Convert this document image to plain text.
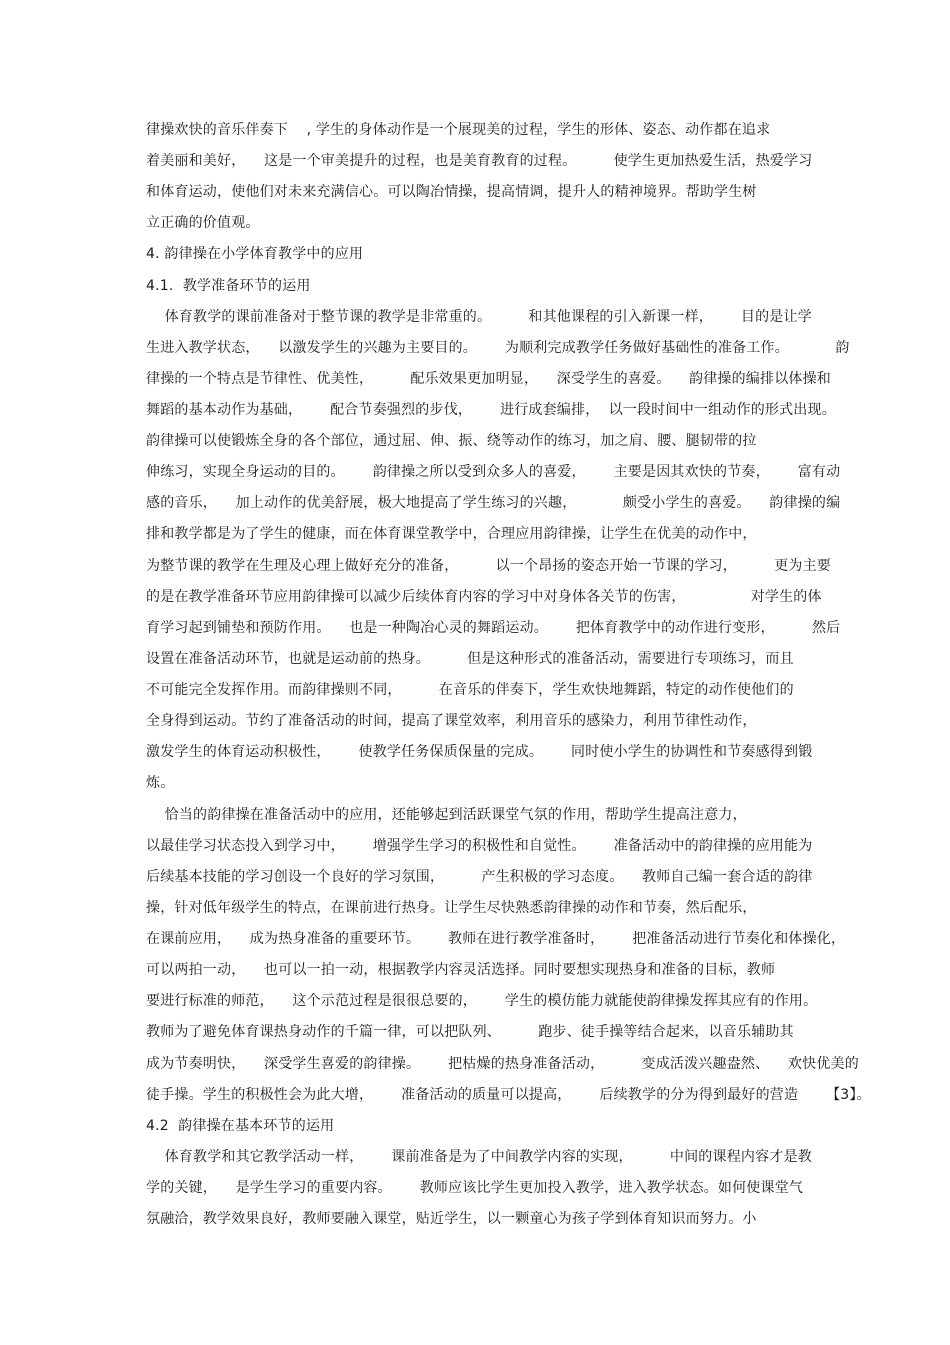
律操欢快的音乐伴奏下    , 学生的身体动作是一个展现美的过程，学生的形体、姿态、动作都在追求
着美丽和美好，    这是一个审美提升的过程，也是美育教育的过程。        使学生更加热爱生活，热爱学习
和体育运动，使他们对未来充满信心。可以陶冶情操，提高情调，提升人的精神境界。帮助学生树
立正确的价值观。
4. 韵律操在小学体育教学中的应用
4.1.  教学准备环节的运用
体育教学的课前准备对于整节课的教学是非常重的。        和其他课程的引入新课一样，      目的是让学
生进入教学状态，    以激发学生的兴趣为主要目的。      为顺利完成教学任务做好基础性的准备工作。          韵
律操的一个特点是节律性、优美性，        配乐效果更加明显，    深受学生的喜爱。    韵律操的编排以体操和
舞蹈的基本动作为基础，      配合节奏强烈的步伐，      进行成套编排，  以一段时间中一组动作的形式出现。
韵律操可以使锻炼全身的各个部位，通过屈、伸、振、绕等动作的练习，加之肩、腰、腿韧带的拉
伸练习，实现全身运动的目的。      韵律操之所以受到众多人的喜爱，      主要是因其欢快的节奏，      富有动
感的音乐，    加上动作的优美舒展，极大地提高了学生练习的兴趣，          颇受小学生的喜爱。    韵律操的编
排和教学都是为了学生的健康，而在体育课堂教学中，合理应用韵律操，让学生在优美的动作中，
为整节课的教学在生理及心理上做好充分的准备，        以一个昂扬的姿态开始一节课的学习，        更为主要
的是在教学准备环节应用韵律操可以减少后续体育内容的学习中对身体各关节的伤害，              对学生的体
育学习起到铺垫和预防作用。    也是一种陶冶心灵的舞蹈运动。      把体育教学中的动作进行变形，        然后
设置在准备活动环节，也就是运动前的热身。        但是这种形式的准备活动，需要进行专项练习，而且
不可能完全发挥作用。而韵律操则不同，        在音乐的伴奏下，学生欢快地舞蹈，特定的动作使他们的
全身得到运动。节约了准备活动的时间，提高了课堂效率，利用音乐的感染力，利用节律性动作，
激发学生的体育运动积极性，      使教学任务保质保量的完成。      同时使小学生的协调性和节奏感得到锻
炼。
恰当的韵律操在准备活动中的应用，还能够起到活跃课堂气氛的作用，帮助学生提高注意力，
以最佳学习状态投入到学习中，      增强学生学习的积极性和自觉性。      准备活动中的韵律操的应用能为
后续基本技能的学习创设一个良好的学习氛围，        产生积极的学习态度。    教师自己编一套合适的韵律
操，针对低年级学生的特点，在课前进行热身。让学生尽快熟悉韵律操的动作和节奏，然后配乐，
在课前应用，    成为热身准备的重要环节。      教师在进行教学准备时，      把准备活动进行节奏化和体操化，
可以两拍一动，    也可以一拍一动，根据教学内容灵活选择。同时要想实现热身和准备的目标，教师
要进行标准的师范，    这个示范过程是很很总要的，      学生的模仿能力就能使韵律操发挥其应有的作用。
教师为了避免体育课热身动作的千篇一律，可以把队列、        跑步、徒手操等结合起来，以音乐辅助其
成为节奏明快，    深受学生喜爱的韵律操。      把枯燥的热身准备活动，        变成活泼兴趣盎然、    欢快优美的
徒手操。学生的积极性会为此大增，      准备活动的质量可以提高，      后续教学的分为得到最好的营造      【3】。
4.2  韵律操在基本环节的运用
体育教学和其它教学活动一样，      课前准备是为了中间教学内容的实现，        中间的课程内容才是教
学的关键，    是学生学习的重要内容。      教师应该比学生更加投入教学，进入教学状态。如何使课堂气
氛融洽，教学效果良好，教师要融入课堂，贴近学生，以一颗童心为孩子学到体育知识而努力。小
